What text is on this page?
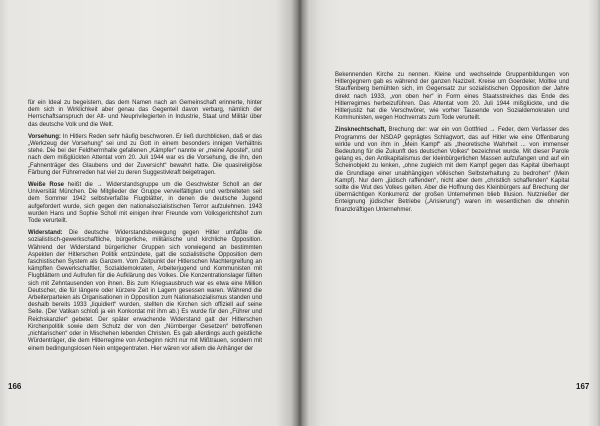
für ein Ideal zu begeistern, das dem Namen nach an Gemeinschaft erinnerte, hinter dem sich in Wirklichkeit aber genau das Gegenteil davon verbarg, nämlich der Herrschaftsanspruch der Alt- und Neuprivilegierten in Industrie, Staat und Militär über das deutsche Volk und die Welt.

Vorsehung: In Hitlers Reden sehr häufig beschworen. Er ließ durchblicken, daß er das „Werkzeug der Vorsehung“ sei und zu Gott in einem besonders innigen Verhältnis stehe. Die bei der Feldherrnhalle gefallenen „Kämpfer“ nannte er „meine Apostel“, und nach dem mißglückten Attentat vom 20. Juli 1944 war es die Vorsehung, die ihn, den „Fahnenträger des Glaubens und der Zuversicht“ bewahrt hatte. Die quasireligiöse Färbung der Führerreden hat viel zu deren Suggestivkraft beigetragen.

Weiße Rose heißt die → Widerstandsgruppe um die Geschwister Scholl an der Universität München. Die Mitglieder der Gruppe vervielfältigten und verbreiteten seit dem Sommer 1942 selbstverfaßte Flugblätter, in denen die deutsche Jugend aufgefordert wurde, sich gegen den nationalsozialistischen Terror aufzulehnen. 1943 wurden Hans und Sophie Scholl mit einigen ihrer Freunde vom Volksgerichtshof zum Tode verurteilt.

Widerstand: Die deutsche Widerstandsbewegung gegen Hitler umfaßte die sozialistisch-gewerkschaftliche, bürgerliche, militärische und kirchliche Opposition. Während der Widerstand bürgerlicher Gruppen sich vorwiegend an bestimmten Aspekten der Hitlerschen Politik entzündete, galt die sozialistische Opposition dem faschistischen System als Ganzem. Vom Zeitpunkt der Hitlerschen Machtergreifung an kämpften Gewerkschaftler, Sozialdemokraten, Arbeiterjugend und Kommunisten mit Flugblättern und Aufrufen für die Aufklärung des Volkes. Die Konzentrationslager füllten sich mit Zehntausenden von ihnen. Bis zum Kriegsausbruch war es etwa eine Million Deutscher, die für längere oder kürzere Zeit in Lagern gesessen waren. Während die Arbeiterparteien als Organisationen in Opposition zum Nationalsozialismus standen und deshalb bereits 1933 „liquidiert“ wurden, stellten die Kirchen sich offiziell auf seine Seite. (Der Vatikan schloß ja ein Konkordat mit ihm ab.) Es wurde für den „Führer und Reichskanzler“ gebetet. Der später erwachende Widerstand galt der Hitlerschen Kirchenpolitik sowie dem Schutz der von den „Nürnberger Gesetzen“ betroffenen „nichtarischen“ oder in Mischehen lebenden Christen. Es gab allerdings auch geistliche Würdenträger, die dem Hitlerregime von Anbeginn nicht nur mit Mißtrauen, sondern mit einem bedingungslosen Nein entgegentraten. Hier wären vor allem die Anhänger der

166

Bekennenden Kirche zu nennen. Kleine und wechselnde Gruppenbildungen von Hitlergegnern gab es während der ganzen Nazizeit. Kreise um Goerdeler, Moltke und Stauffenberg bemühten sich, im Gegensatz zur sozialistischen Opposition der Jahre direkt nach 1933, „von oben her“ in Form eines Staatsstreiches das Ende des Hitlerregimes herbeizuführen. Das Attentat vom 20. Juli 1944 mißglückte, und die Hitlerjustiz hat die Verschwörer, wie vorher Tausende von Sozialdemokraten und Kommunisten, wegen Hochverrats zum Tode verurteilt.

Zinsknechtschaft, Brechung der: war ein von Gottfried → Feder, dem Verfasser des Programms der NSDAP geprägtes Schlagwort, das auf Hitler wie eine Offenbarung wirkte und von ihm in „Mein Kampf“ als „theoretische Wahrheit ... von immenser Bedeutung für die Zukunft des deutschen Volkes“ bezeichnet wurde. Mit dieser Parole gelang es, den Antikapitalismus der kleinbürgerlichen Massen aufzufangen und auf ein Scheinobjekt zu lenken, „ohne zugleich mit dem Kampf gegen das Kapital überhaupt die Grundlage einer unabhängigen völkischen Selbsterhaltung zu bedrohen“ (Mein Kampf). Nur dem „jüdisch raffenden“, nicht aber dem „christlich schaffenden“ Kapital sollte die Wut des Volkes gelten. Aber die Hoffnung des Kleinbürgers auf Brechung der übermächtigen Konkurrenz der großen Unternehmen blieb Illusion. Nutznießer der Enteignung jüdischer Betriebe („Arisierung“) waren im wesentlichen die ohnehin finanzkräftigen Unternehmer.

167
